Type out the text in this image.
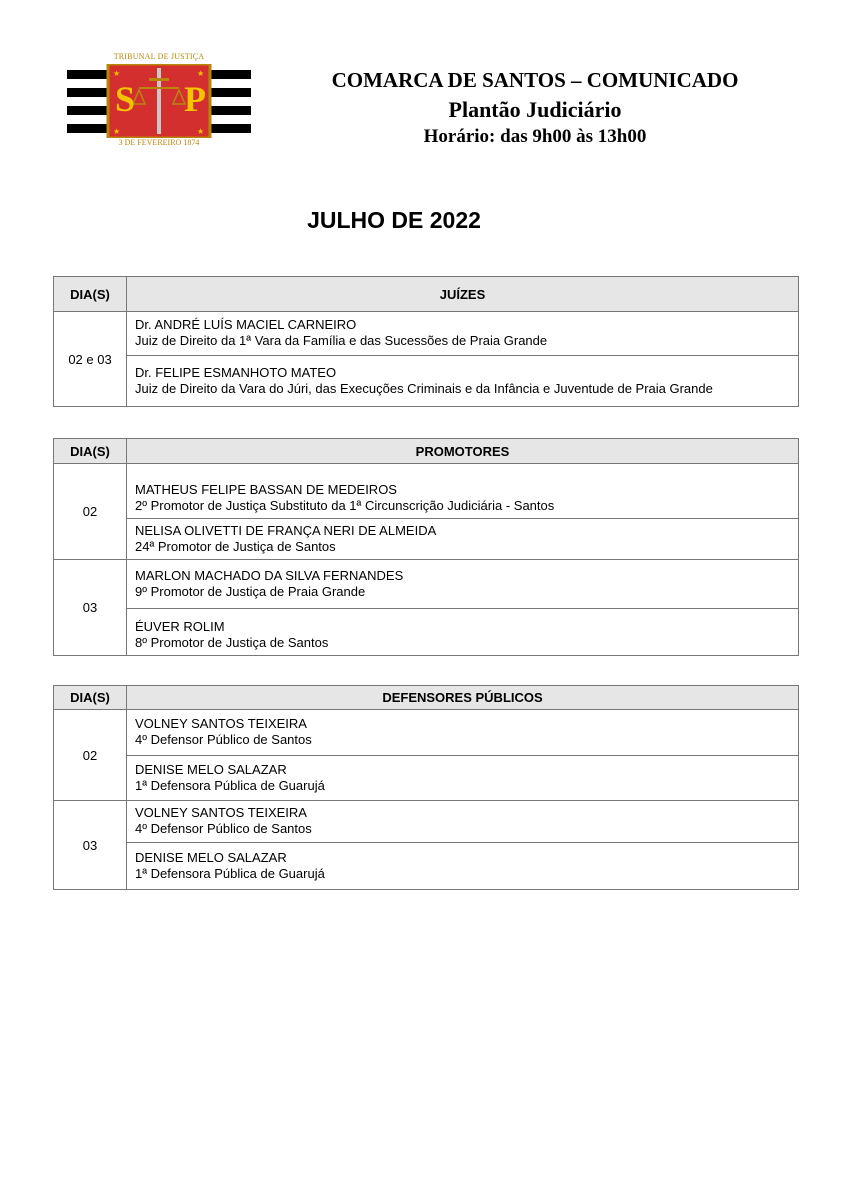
TRIBUNAL DE JUSTIÇA
★	★
★	★
S P
3 DE FEVEREIRO 1874
COMARCA DE SANTOS – COMUNICADO
Plantão Judiciário
Horário: das 9h00 às 13h00
JULHO DE 2022
DIA(S)	JUÍZES
02 e 03	Dr. ANDRÉ LUÍS MACIEL CARNEIRO
Juiz de Direito da 1ª Vara da Família e das Sucessões de Praia Grande

	Dr. FELIPE ESMANHOTO MATEO
Juiz de Direito da Vara do Júri, das Execuções Criminais e da Infância e Juventude de Praia Grande
DIA(S)	PROMOTORES
02	MATHEUS FELIPE BASSAN DE MEDEIROS
2º Promotor de Justiça Substituto da 1ª Circunscrição Judiciária - Santos

	NELISA OLIVETTI DE FRANÇA NERI DE ALMEIDA
24ª Promotor de Justiça de Santos

03	MARLON MACHADO DA SILVA FERNANDES
9º Promotor de Justiça de Praia Grande

	ÉUVER ROLIM
8º Promotor de Justiça de Santos
DIA(S)	DEFENSORES PÚBLICOS
02	VOLNEY SANTOS TEIXEIRA
4º Defensor Público de Santos

	DENISE MELO SALAZAR
1ª Defensora Pública de Guarujá

03	VOLNEY SANTOS TEIXEIRA
4º Defensor Público de Santos

	DENISE MELO SALAZAR
1ª Defensora Pública de Guarujá
